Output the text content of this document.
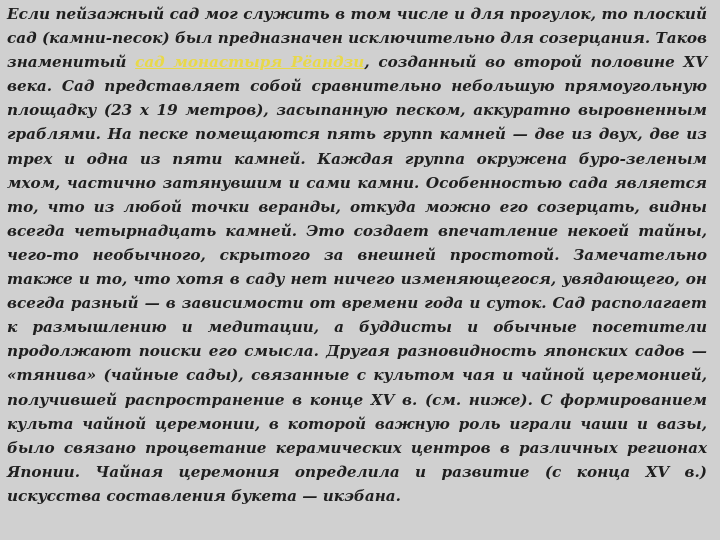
Если пейзажный сад мог служить в том числе и для прогулок, то плоский сад (камни-песок) был предназначен исключительно для созерцания. Таков знаменитый сад монастыря Рёандзи, созданный во второй половине XV века. Сад представляет собой сравнительно небольшую прямоугольную площадку (23 х 19 метров), засыпанную песком, аккуратно выровненным граблями. На песке помещаются пять групп камней — две из двух, две из трех и одна из пяти камней. Каждая группа окружена буро-зеленым мхом, частично затянувшим и сами камни. Особенностью сада является то, что из любой точки веранды, откуда можно его созерцать, видны всегда четырнадцать камней. Это создает впечатление некоей тайны, чего-то необычного, скрытого за внешней простотой. Замечательно также и то, что хотя в саду нет ничего изменяющегося, увядающего, он всегда разный — в зависимости от времени года и суток. Сад располагает к размышлению и медитации, а буддисты и обычные посетители продолжают поиски его смысла. Другая разновидность японских садов — «тянива» (чайные сады), связанные с культом чая и чайной церемонией, получившей распространение в конце XV в. (см. ниже). С формированием культа чайной церемонии, в которой важную роль играли чаши и вазы, было связано процветание керамических центров в различных регионах Японии. Чайная церемония определила и развитие (с конца XV в.) искусства составления букета — икэбана.
